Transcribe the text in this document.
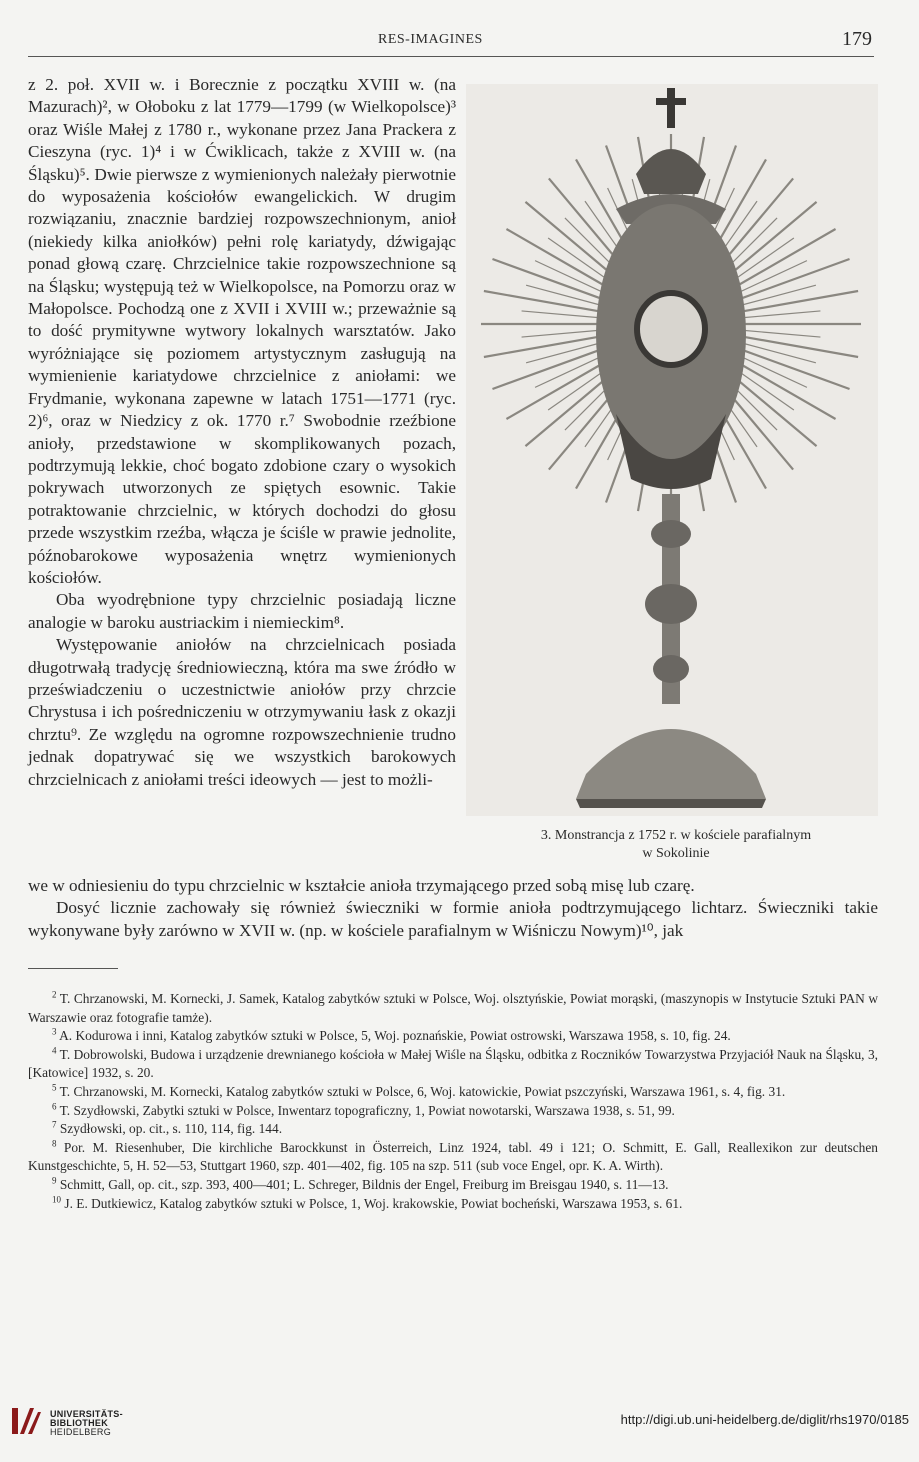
RES-IMAGINES	179

z 2. poł. XVII w. i Borecznie z początku XVIII w. (na Mazurach)², w Ołoboku z lat 1779—1799 (w Wielkopolsce)³ oraz Wiśle Małej z 1780 r., wykonane przez Jana Prackera z Cieszyna (ryc. 1)⁴ i w Ćwiklicach, także z XVIII w. (na Śląsku)⁵. Dwie pierwsze z wymienionych należały pierwotnie do wyposażenia kościołów ewangelickich. W drugim rozwiązaniu, znacznie bardziej rozpowszechnionym, anioł (niekiedy kilka aniołków) pełni rolę kariatydy, dźwigając ponad głową czarę. Chrzcielnice takie rozpowszechnione są na Śląsku; występują też w Wielkopolsce, na Pomorzu oraz w Małopolsce. Pochodzą one z XVII i XVIII w.; przeważnie są to dość prymitywne wytwory lokalnych warsztatów. Jako wyróżniające się poziomem artystycznym zasługują na wymienienie kariatydowe chrzcielnice z aniołami: we Frydmanie, wykonana zapewne w latach 1751—1771 (ryc. 2)⁶, oraz w Niedzicy z ok. 1770 r.⁷ Swobodnie rzeźbione anioły, przedstawione w skomplikowanych pozach, podtrzymują lekkie, choć bogato zdobione czary o wysokich pokrywach utworzonych ze spiętych esownic. Takie potraktowanie chrzcielnic, w których dochodzi do głosu przede wszystkim rzeźba, włącza je ściśle w prawie jednolite, późnobarokowe wyposażenia wnętrz wymienionych kościołów.

Oba wyodrębnione typy chrzcielnic posiadają liczne analogie w baroku austriackim i niemieckim⁸.

Występowanie aniołów na chrzcielnicach posiada długotrwałą tradycję średniowieczną, która ma swe źródło w przeświadczeniu o uczestnictwie aniołów przy chrzcie Chrystusa i ich pośredniczeniu w otrzymywaniu łask z okazji chrztu⁹. Ze względu na ogromne rozpowszechnienie trudno jednak dopatrywać się we wszystkich barokowych chrzcielnicach z aniołami treści ideowych — jest to możli-

3. Monstrancja z 1752 r. w kościele parafialnym
w Sokolinie

we w odniesieniu do typu chrzcielnic w kształcie anioła trzymającego przed sobą misę lub czarę.

Dosyć licznie zachowały się również świeczniki w formie anioła podtrzymującego lichtarz. Świeczniki takie wykonywane były zarówno w XVII w. (np. w kościele parafialnym w Wiśniczu Nowym)¹⁰, jak

$^2$ T. Chrzanowski, M. Kornecki, J. Samek, Katalog zabytków sztuki w Polsce, Woj. olsztyńskie, Powiat morąski, (maszynopis w Instytucie Sztuki PAN w Warszawie oraz fotografie tamże).

$^3$ A. Kodurowa i inni, Katalog zabytków sztuki w Polsce, 5, Woj. poznańskie, Powiat ostrowski, Warszawa 1958, s. 10, fig. 24.

$^4$ T. Dobrowolski, Budowa i urządzenie drewnianego kościoła w Małej Wiśle na Śląsku, odbitka z Roczników Towarzystwa Przyjaciół Nauk na Śląsku, 3, [Katowice] 1932, s. 20.

$^5$ T. Chrzanowski, M. Kornecki, Katalog zabytków sztuki w Polsce, 6, Woj. katowickie, Powiat pszczyński, Warszawa 1961, s. 4, fig. 31.

$^6$ T. Szydłowski, Zabytki sztuki w Polsce, Inwentarz topograficzny, 1, Powiat nowotarski, Warszawa 1938, s. 51, 99.

$^7$ Szydłowski, op. cit., s. 110, 114, fig. 144.

$^8$ Por. M. Riesenhuber, Die kirchliche Barockkunst in Österreich, Linz 1924, tabl. 49 i 121; O. Schmitt, E. Gall, Reallexikon zur deutschen Kunstgeschichte, 5, H. 52—53, Stuttgart 1960, szp. 401—402, fig. 105 na szp. 511 (sub voce Engel, opr. K. A. Wirth).

$^9$ Schmitt, Gall, op. cit., szp. 393, 400—401; L. Schreger, Bildnis der Engel, Freiburg im Breisgau 1940, s. 11—13.

$^{10}$ J. E. Dutkiewicz, Katalog zabytków sztuki w Polsce, 1, Woj. krakowskie, Powiat bocheński, Warszawa 1953, s. 61.

UNIVERSITÄTS-
BIBLIOTHEK
HEIDELBERG
http://digi.ub.uni-heidelberg.de/diglit/rhs1970/0185
